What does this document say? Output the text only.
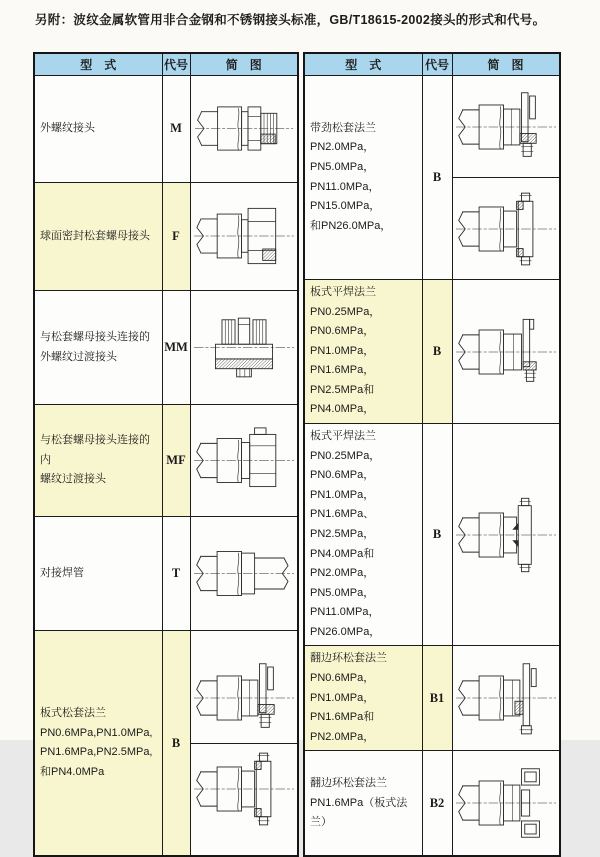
另附：波纹金属软管用非合金钢和不锈钢接头标准，GB/T18615-2002接头的形式和代号。
型　式	代号	简　图

外螺纹接头	M	

球面密封松套螺母接头	F	

与松套螺母接头连接的
外螺纹过渡接头	MM	

与松套螺母接头连接的内
螺纹过渡接头	MF	

对接焊管	T	

板式松套法兰
PN0.6MPa,PN1.0MPa,
PN1.6MPa,PN2.5MPa,
和PN4.0MPa	B	
型　式	代号	简　图

带劲松套法兰
PN2.0MPa，PN5.0MPa，
PN11.0MPa，PN15.0MPa，
和PN26.0MPa，	B	

板式平焊法兰
PN0.25MPa，PN0.6MPa，
PN1.0MPa，PN1.6MPa，
PN2.5MPa和PN4.0MPa，	B	

板式平焊法兰
PN0.25MPa，PN0.6MPa，
PN1.0MPa，PN1.6MPa、
PN2.5MPa，PN4.0MPa和
PN2.0MPa，PN5.0MPa，
PN11.0MPa，PN26.0MPa，
	B	

翻边环松套法兰
PN0.6MPa，PN1.0MPa，
PN1.6MPa和PN2.0MPa，	B1	

翻边环松套法兰
PN1.6MPa（板式法兰）	B2	
